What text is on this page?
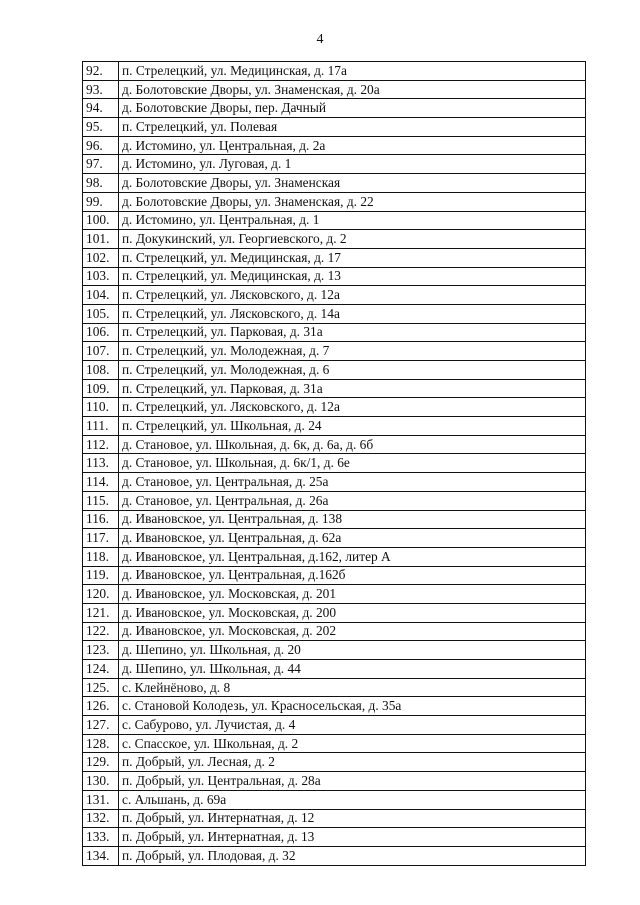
4
92.	п. Стрелецкий, ул. Медицинская, д. 17а
93.	д. Болотовские Дворы, ул. Знаменская, д. 20а
94.	д. Болотовские Дворы, пер. Дачный
95.	п. Стрелецкий, ул. Полевая
96.	д. Истомино, ул. Центральная, д. 2а
97.	д. Истомино, ул. Луговая, д. 1
98.	д. Болотовские Дворы, ул. Знаменская
99.	д. Болотовские Дворы, ул. Знаменская, д. 22
100.	д. Истомино, ул. Центральная, д. 1
101.	п. Докукинский, ул. Георгиевского, д. 2
102.	п. Стрелецкий, ул. Медицинская, д. 17
103.	п. Стрелецкий, ул. Медицинская, д. 13
104.	п. Стрелецкий, ул. Лясковского, д. 12а
105.	п. Стрелецкий, ул. Лясковского, д. 14а
106.	п. Стрелецкий, ул. Парковая, д. 31а
107.	п. Стрелецкий, ул. Молодежная, д. 7
108.	п. Стрелецкий, ул. Молодежная, д. 6
109.	п. Стрелецкий, ул. Парковая, д. 31а
110.	п. Стрелецкий, ул. Лясковского, д. 12а
111.	п. Стрелецкий, ул. Школьная, д. 24
112.	д. Становое, ул. Школьная, д. 6к, д. 6а, д. 6б
113.	д. Становое, ул. Школьная, д. 6к/1, д. 6е
114.	д. Становое, ул. Центральная, д. 25а
115.	д. Становое, ул. Центральная, д. 26а
116.	д. Ивановское, ул. Центральная, д. 138
117.	д. Ивановское, ул. Центральная, д. 62а
118.	д. Ивановское, ул. Центральная, д.162, литер А
119.	д. Ивановское, ул. Центральная, д.162б
120.	д. Ивановское, ул. Московская, д. 201
121.	д. Ивановское, ул. Московская, д. 200
122.	д. Ивановское, ул. Московская, д. 202
123.	д. Шепино, ул. Школьная, д. 20
124.	д. Шепино, ул. Школьная, д. 44
125.	с. Клейнёново, д. 8
126.	с. Становой Колодезь, ул. Красносельская, д. 35а
127.	с. Сабурово, ул. Лучистая, д. 4
128.	с. Спасское, ул. Школьная, д. 2
129.	п. Добрый, ул. Лесная, д. 2
130.	п. Добрый, ул. Центральная, д. 28а
131.	с. Альшань, д. 69а
132.	п. Добрый, ул. Интернатная, д. 12
133.	п. Добрый, ул. Интернатная, д. 13
134.	п. Добрый, ул. Плодовая, д. 32
